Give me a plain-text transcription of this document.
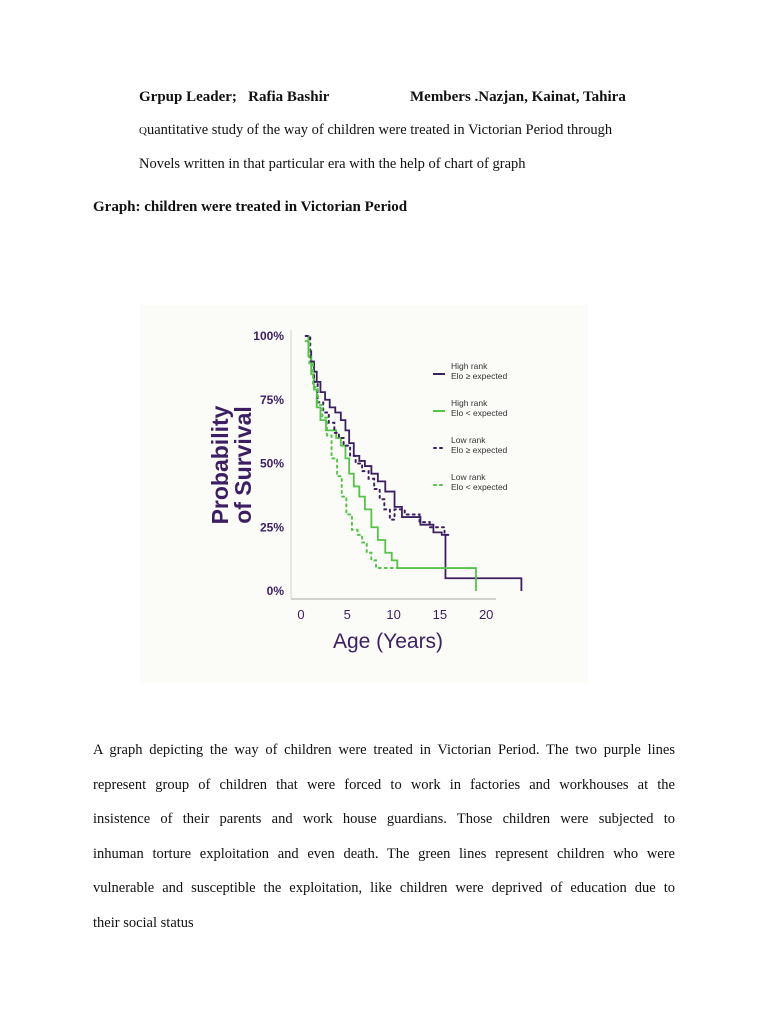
Grpup Leader; Rafia Bashir	Members .Nazjan, Kainat, Tahira
Quantitative study of the way of children were treated in Victorian Period through
Novels written in that particular era with the help of chart of graph
Graph: children were treated in Victorian Period
0%
25%
50%
75%
100%
0	5	10 15 20
High rank
Elo ≥ expected
High rank
Elo < expected
Low rank
Elo ≥ expected
Low rank
Elo < expected
Probability
of Survival
Age (Years)
A graph depicting the way of children were treated in Victorian Period. The two purple lines
represent group of children that were forced to work in factories and workhouses at the
insistence of their parents and work house guardians. Those children were subjected to
inhuman torture exploitation and even death. The green lines represent children who were
vulnerable and susceptible the exploitation, like children were deprived of education due to
their social status
